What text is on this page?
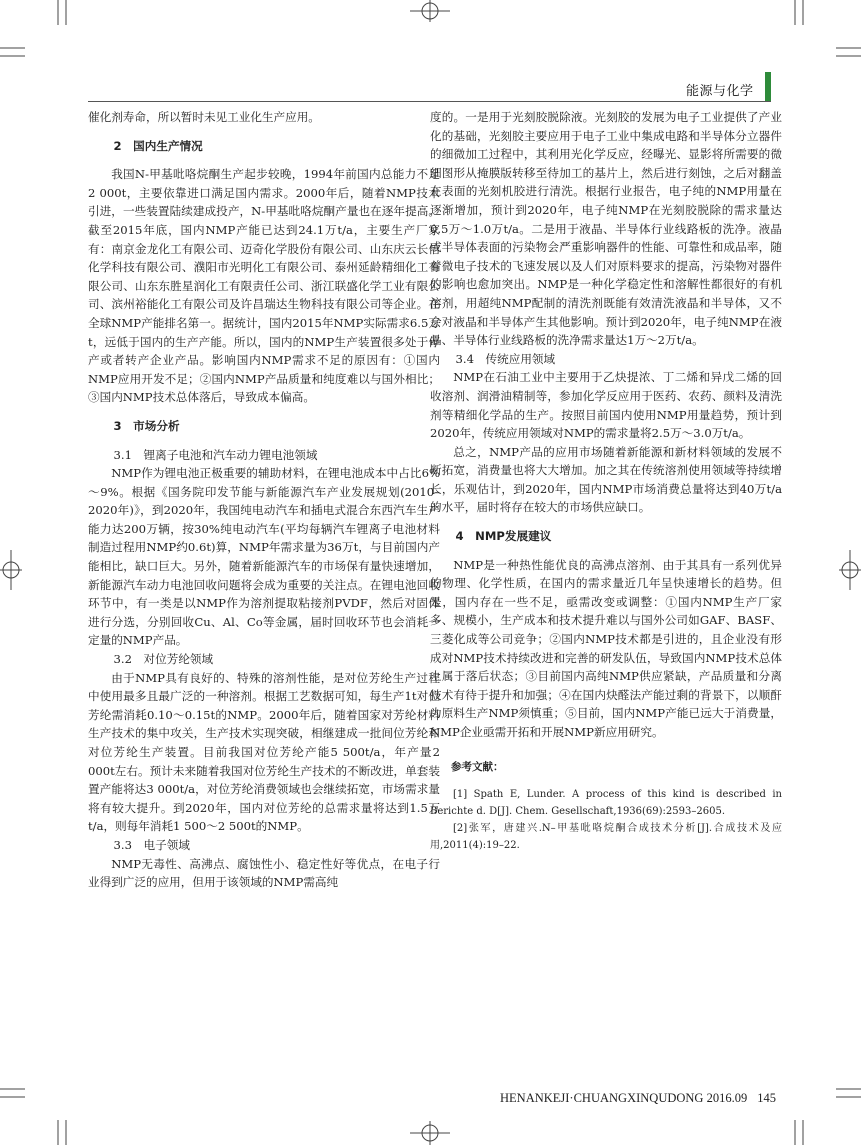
能源与化学

催化剂寿命，所以暂时未见工业化生产应用。

2　国内生产情况

我国N-甲基吡咯烷酮生产起步较晚，1994年前国内总能力不足2 000t，主要依靠进口满足国内需求。2000年后，随着NMP技术引进，一些装置陆续建成投产，N-甲基吡咯烷酮产量也在逐年提高。截至2015年底，国内NMP产能已达到24.1万t/a，主要生产厂家有：南京金龙化工有限公司、迈奇化学股份有限公司、山东庆云长信化学科技有限公司、濮阳市光明化工有限公司、泰州延龄精细化工有限公司、山东东胜星润化工有限责任公司、浙江联盛化学工业有限公司、滨州裕能化工有限公司及许昌瑞达生物科技有限公司等企业。在全球NMP产能排名第一。据统计，国内2015年NMP实际需求6.5万t，远低于国内的生产产能。所以，国内的NMP生产装置很多处于停产或者转产企业产品。影响国内NMP需求不足的原因有：①国内NMP应用开发不足；②国内NMP产品质量和纯度难以与国外相比；③国内NMP技术总体落后，导致成本偏高。

3　市场分析

3.1　锂离子电池和汽车动力锂电池领域

NMP作为锂电池正极重要的辅助材料，在锂电池成本中占比6%～9%。根据《国务院印发节能与新能源汽车产业发展规划(2010–2020年)》，到2020年，我国纯电动汽车和插电式混合东西汽车生产能力达200万辆，按30%纯电动汽车(平均每辆汽车锂离子电池材料制造过程用NMP约0.6t)算，NMP年需求量为36万t，与目前国内产能相比，缺口巨大。另外，随着新能源汽车的市场保有量快速增加，新能源汽车动力电池回收问题将会成为重要的关注点。在锂电池回收环节中，有一类是以NMP作为溶剂提取粘接剂PVDF，然后对固体进行分选，分别回收Cu、Al、Co等金属，届时回收环节也会消耗一定量的NMP产品。

3.2　对位芳纶领域

由于NMP具有良好的、特殊的溶剂性能，是对位芳纶生产过程中使用最多且最广泛的一种溶剂。根据工艺数据可知，每生产1t对位芳纶需消耗0.10～0.15t的NMP。2000年后，随着国家对芳纶材料生产技术的集中攻关，生产技术实现突破，相继建成一批间位芳纶和对位芳纶生产装置。目前我国对位芳纶产能5 500t/a，年产量2 000t左右。预计未来随着我国对位芳纶生产技术的不断改进，单套装置产能将达3 000t/a，对位芳纶消费领域也会继续拓宽，市场需求量将有较大提升。到2020年，国内对位芳纶的总需求量将达到1.5万t/a，则每年消耗1 500～2 500t的NMP。

3.3　电子领域

NMP无毒性、高沸点、腐蚀性小、稳定性好等优点，在电子行业得到广泛的应用，但用于该领域的NMP需高纯

度的。一是用于光刻胶脱除液。光刻胶的发展为电子工业提供了产业化的基础，光刻胶主要应用于电子工业中集成电路和半导体分立器件的细微加工过程中，其利用光化学反应，经曝光、显影将所需要的微细图形从掩膜版转移至待加工的基片上，然后进行刻蚀，之后对翻盖在表面的光刻机胶进行清洗。根据行业报告，电子纯的NMP用量在逐渐增加，预计到2020年，电子纯NMP在光刻胶脱除的需求量达0.5万～1.0万t/a。二是用于液晶、半导体行业线路板的洗净。液晶或半导体表面的污染物会严重影响器件的性能、可靠性和成品率，随着微电子技术的飞速发展以及人们对原料要求的提高，污染物对器件的影响也愈加突出。NMP是一种化学稳定性和溶解性都很好的有机溶剂，用超纯NMP配制的清洗剂既能有效清洗液晶和半导体，又不会对液晶和半导体产生其他影响。预计到2020年，电子纯NMP在液晶、半导体行业线路板的洗净需求量达1万～2万t/a。

3.4　传统应用领域

NMP在石油工业中主要用于乙炔提浓、丁二烯和异戊二烯的回收溶剂、润滑油精制等，参加化学反应用于医药、农药、颜料及清洗剂等精细化学品的生产。按照目前国内使用NMP用量趋势，预计到2020年，传统应用领域对NMP的需求量将2.5万～3.0万t/a。

总之，NMP产品的应用市场随着新能源和新材料领域的发展不断拓宽，消费量也将大大增加。加之其在传统溶剂使用领域等持续增长，乐观估计，到2020年，国内NMP市场消费总量将达到40万t/a的水平，届时将存在较大的市场供应缺口。

4　NMP发展建议

NMP是一种热性能优良的高沸点溶剂、由于其具有一系列优异的物理、化学性质，在国内的需求量近几年呈快速增长的趋势。但是，国内存在一些不足，亟需改变或调整：①国内NMP生产厂家多、规模小，生产成本和技术提升难以与国外公司如GAF、BASF、三菱化成等公司竞争；②国内NMP技术都是引进的，且企业没有形成对NMP技术持续改进和完善的研发队伍，导致国内NMP技术总体上属于落后状态；③目前国内高纯NMP供应紧缺，产品质量和分离技术有待于提升和加强；④在国内炔醛法产能过剩的背景下，以顺酐为原料生产NMP须慎重；⑤目前，国内NMP产能已远大于消费量，NMP企业亟需开拓和开展NMP新应用研究。

参考文献：

[1] Spath E, Lunder. A process of this kind is described in Berichte d. D[J]. Chem. Gesellschaft,1936(69):2593–2605.

[2]张军，唐建兴.N–甲基吡咯烷酮合成技术分析[J].合成技术及应用,2011(4):19–22.

HENANKEJI·CHUANGXINQUDONG 2016.09 145
